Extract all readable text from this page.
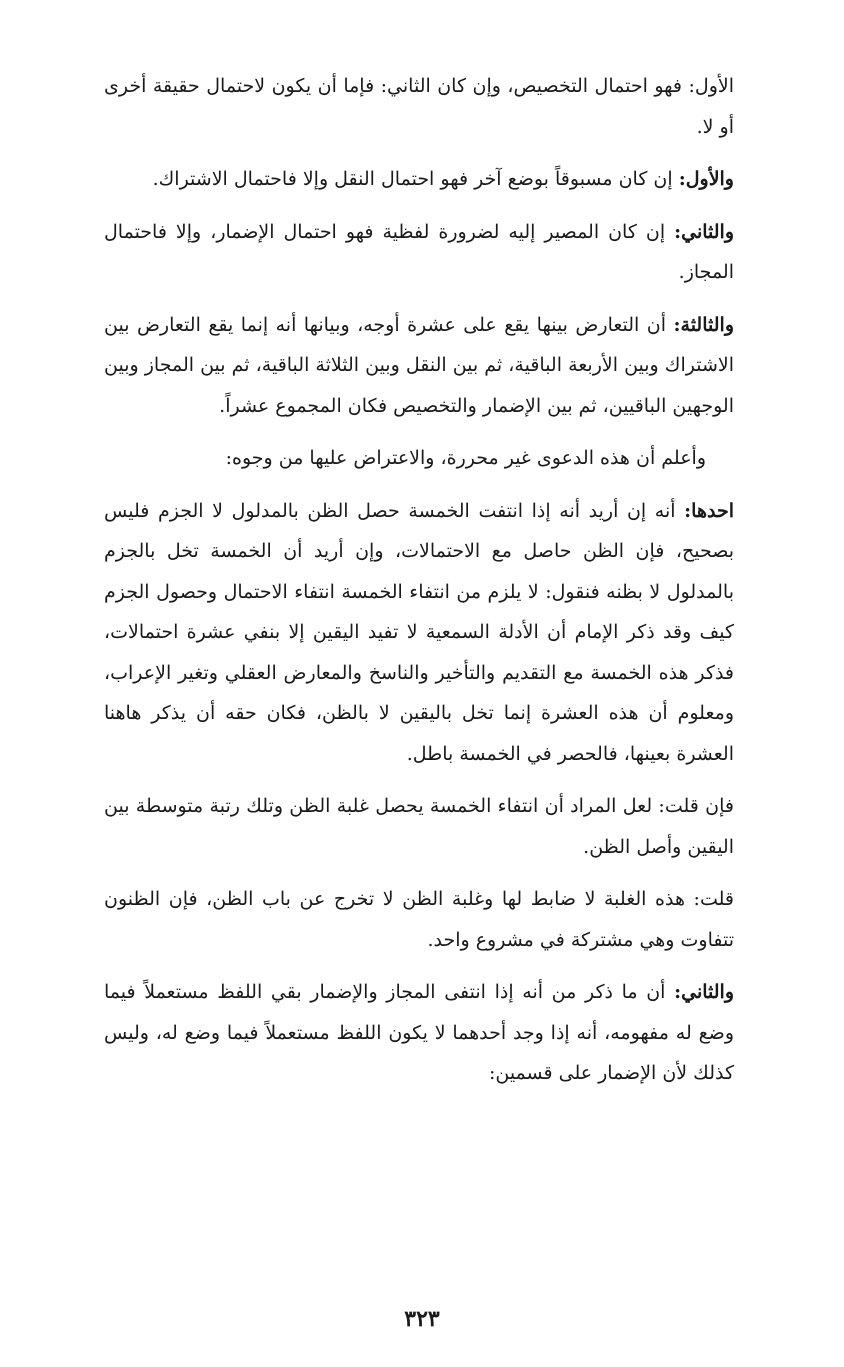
الأول: فهو احتمال التخصيص، وإن كان الثاني: فإما أن يكون لاحتمال حقيقة أخرى أو لا.

والأول: إن كان مسبوقاً بوضع آخر فهو احتمال النقل وإلا فاحتمال الاشتراك.

والثاني: إن كان المصير إليه لضرورة لفظية فهو احتمال الإضمار، وإلا فاحتمال المجاز.

والثالثة: أن التعارض بينها يقع على عشرة أوجه، وبيانها أنه إنما يقع التعارض بين الاشتراك وبين الأربعة الباقية، ثم بين النقل وبين الثلاثة الباقية، ثم بين المجاز وبين الوجهين الباقيين، ثم بين الإضمار والتخصيص فكان المجموع عشراً.

وأعلم أن هذه الدعوى غير محررة، والاعتراض عليها من وجوه:

احدها: أنه إن أريد أنه إذا انتفت الخمسة حصل الظن بالمدلول لا الجزم فليس بصحيح، فإن الظن حاصل مع الاحتمالات، وإن أريد أن الخمسة تخل بالجزم بالمدلول لا بظنه فنقول: لا يلزم من انتفاء الخمسة انتفاء الاحتمال وحصول الجزم كيف وقد ذكر الإمام أن الأدلة السمعية لا تفيد اليقين إلا بنفي عشرة احتمالات، فذكر هذه الخمسة مع التقديم والتأخير والناسخ والمعارض العقلي وتغير الإعراب، ومعلوم أن هذه العشرة إنما تخل باليقين لا بالظن، فكان حقه أن يذكر هاهنا العشرة بعينها، فالحصر في الخمسة باطل.

فإن قلت: لعل المراد أن انتفاء الخمسة يحصل غلبة الظن وتلك رتبة متوسطة بين اليقين وأصل الظن.

قلت: هذه الغلبة لا ضابط لها وغلبة الظن لا تخرج عن باب الظن، فإن الظنون تتفاوت وهي مشتركة في مشروع واحد.

والثاني: أن ما ذكر من أنه إذا انتفى المجاز والإضمار بقي اللفظ مستعملاً فيما وضع له مفهومه، أنه إذا وجد أحدهما لا يكون اللفظ مستعملاً فيما وضع له، وليس كذلك لأن الإضمار على قسمين:

٣٢٣
